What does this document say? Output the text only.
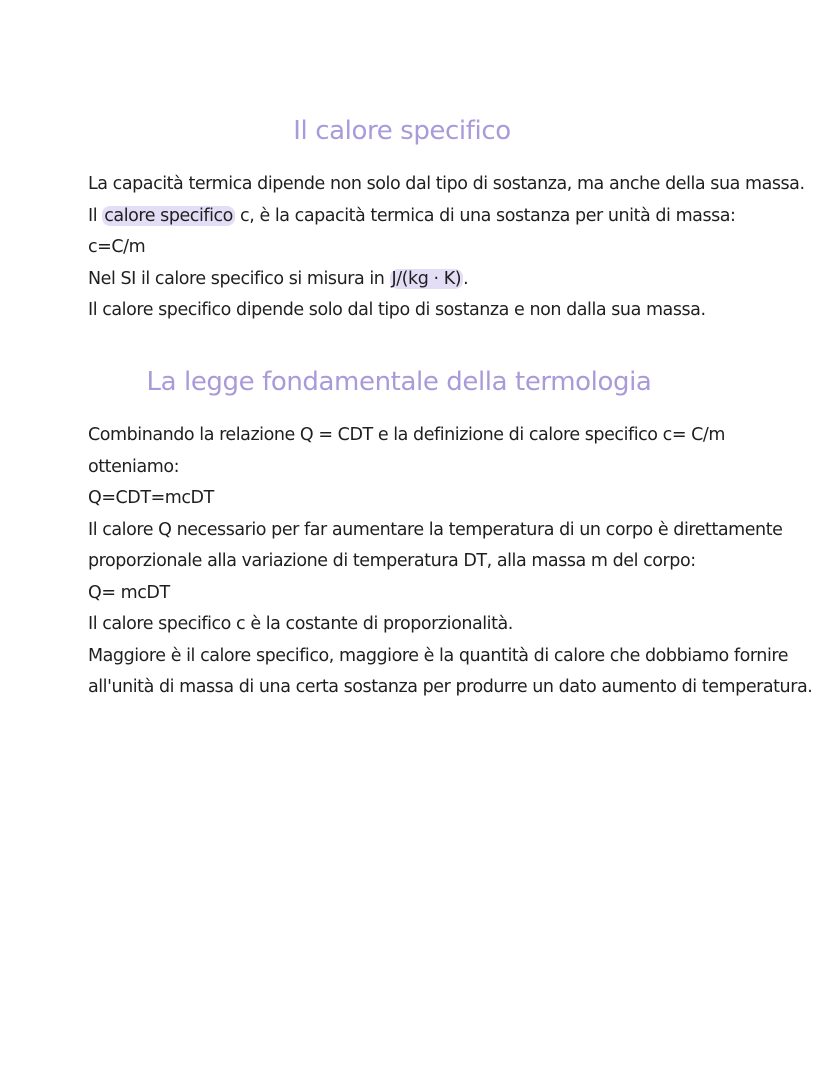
Il calore specifico
La capacità termica dipende non solo dal tipo di sostanza, ma anche della sua massa.
Il calore specifico c, è la capacità termica di una sostanza per unità di massa:
c=C/m
Nel SI il calore specifico si misura in J/(kg · K) .
Il calore specifico dipende solo dal tipo di sostanza e non dalla sua massa.
La legge fondamentale della termologia
Combinando la relazione Q = CDT e la definizione di calore specifico c= C/m
otteniamo:
Q=CDT=mcDT
Il calore Q necessario per far aumentare la temperatura di un corpo è direttamente
proporzionale alla variazione di temperatura DT, alla massa m del corpo:
Q= mcDT
Il calore specifico c è la costante di proporzionalità.
Maggiore è il calore specifico, maggiore è la quantità di calore che dobbiamo fornire
all'unità di massa di una certa sostanza per produrre un dato aumento di temperatura.
